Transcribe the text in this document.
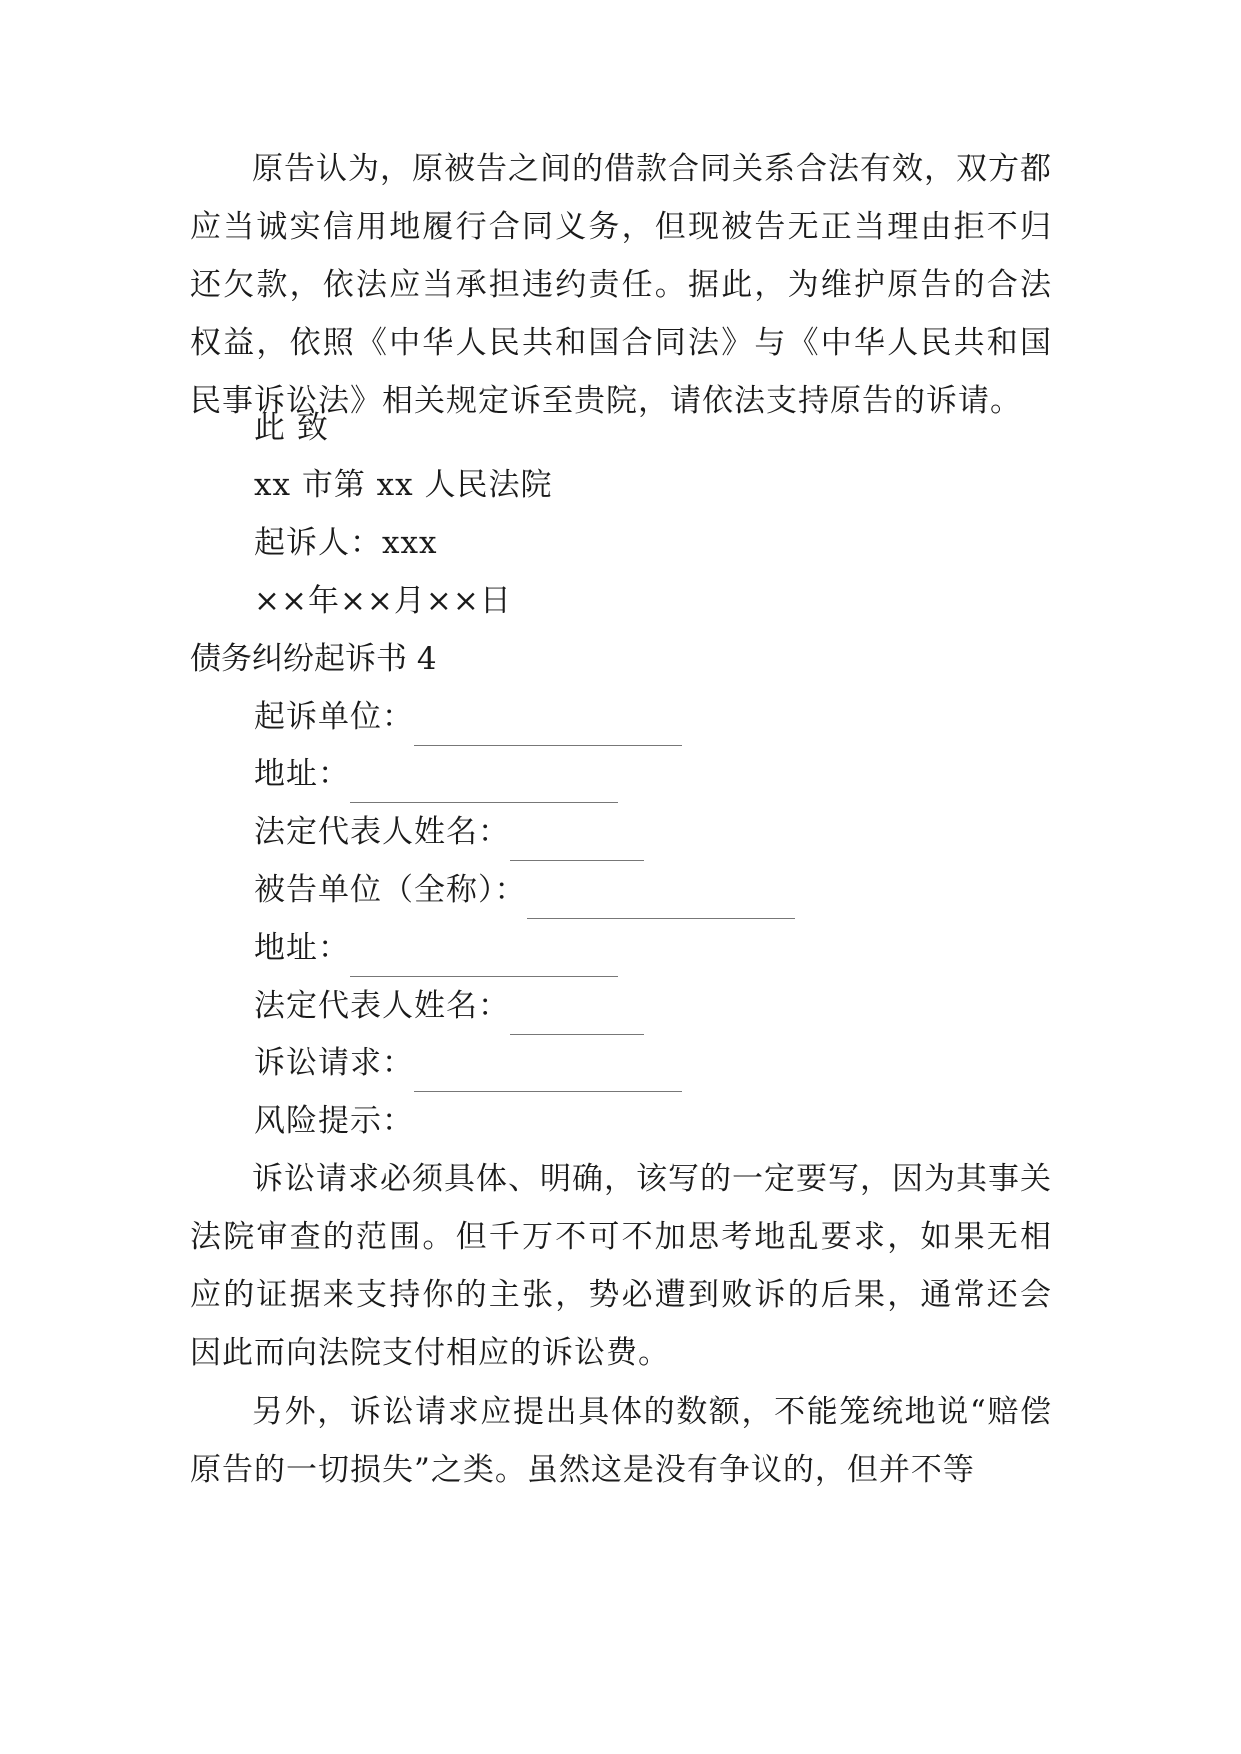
原告认为，原被告之间的借款合同关系合法有效，双方都应当诚实信用地履行合同义务，但现被告无正当理由拒不归还欠款，依法应当承担违约责任。据此，为维护原告的合法权益，依照《中华人民共和国合同法》与《中华人民共和国民事诉讼法》相关规定诉至贵院，请依法支持原告的诉请。

此 致
xx 市第 xx 人民法院
起诉人：xxx
××年××月××日
债务纠纷起诉书 4
起诉单位：
地址：
法定代表人姓名：
被告单位（全称）：
地址：
法定代表人姓名：
诉讼请求：
风险提示：

诉讼请求必须具体、明确，该写的一定要写，因为其事关法院审查的范围。但千万不可不加思考地乱要求，如果无相应的证据来支持你的主张，势必遭到败诉的后果，通常还会因此而向法院支付相应的诉讼费。

另外，诉讼请求应提出具体的数额，不能笼统地说“赔偿原告的一切损失”之类。虽然这是没有争议的，但并不等
